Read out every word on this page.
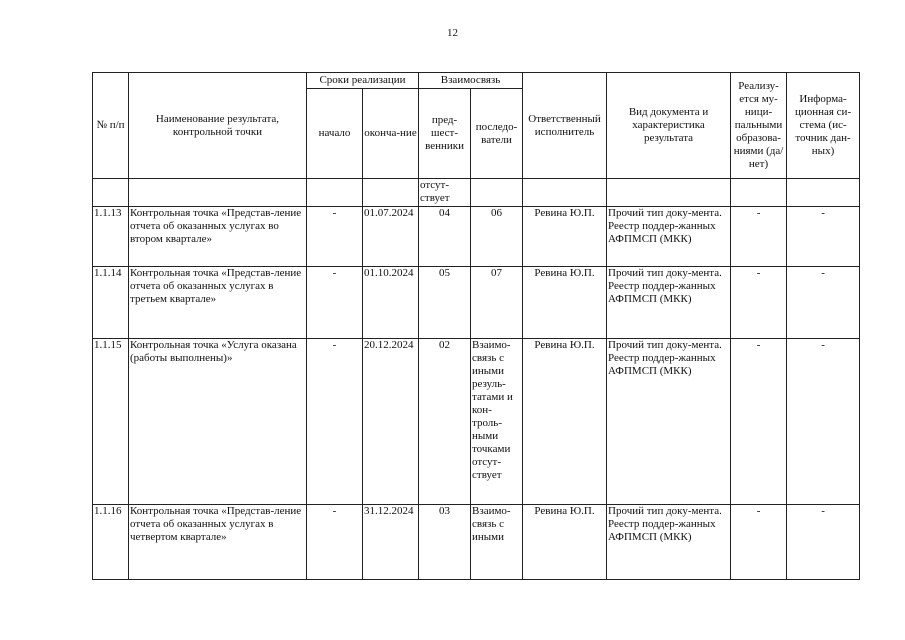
12
№ п/п	Наименование результата, контрольной точки	Сроки реализации		Взаимосвязь		Ответственный исполнитель	Вид документа и характеристика результата	Реализу-ется му-ници-пальными образова-ниями (да/нет)	Информа-ционная си-стема (ис-точник дан-ных)
		начало	оконча-ние	пред-шест-венники	последо-ватели				
				отсут-ствует					
1.1.13	Контрольная точка «Представ-ление отчета об оказанных услугах во втором квартале»	-	01.07.2024	04	06	Ревина Ю.П.	Прочий тип доку-мента. Реестр поддер-жанных АФПМСП (МКК)	-	-
1.1.14	Контрольная точка «Представ-ление отчета об оказанных услугах в третьем квартале»	-	01.10.2024	05	07	Ревина Ю.П.	Прочий тип доку-мента. Реестр поддер-жанных АФПМСП (МКК)	-	-
1.1.15	Контрольная точка «Услуга оказана (работы выполнены)»	-	20.12.2024	02	Взаимо-связь с иными резуль-татами и кон-троль-ными точками отсут-ствует	Ревина Ю.П.	Прочий тип доку-мента. Реестр поддер-жанных АФПМСП (МКК)	-	-
1.1.16	Контрольная точка «Представ-ление отчета об оказанных услугах в четвертом квартале»	-	31.12.2024	03	Взаимо-связь с иными	Ревина Ю.П.	Прочий тип доку-мента. Реестр поддер-жанных АФПМСП (МКК)	-	-
